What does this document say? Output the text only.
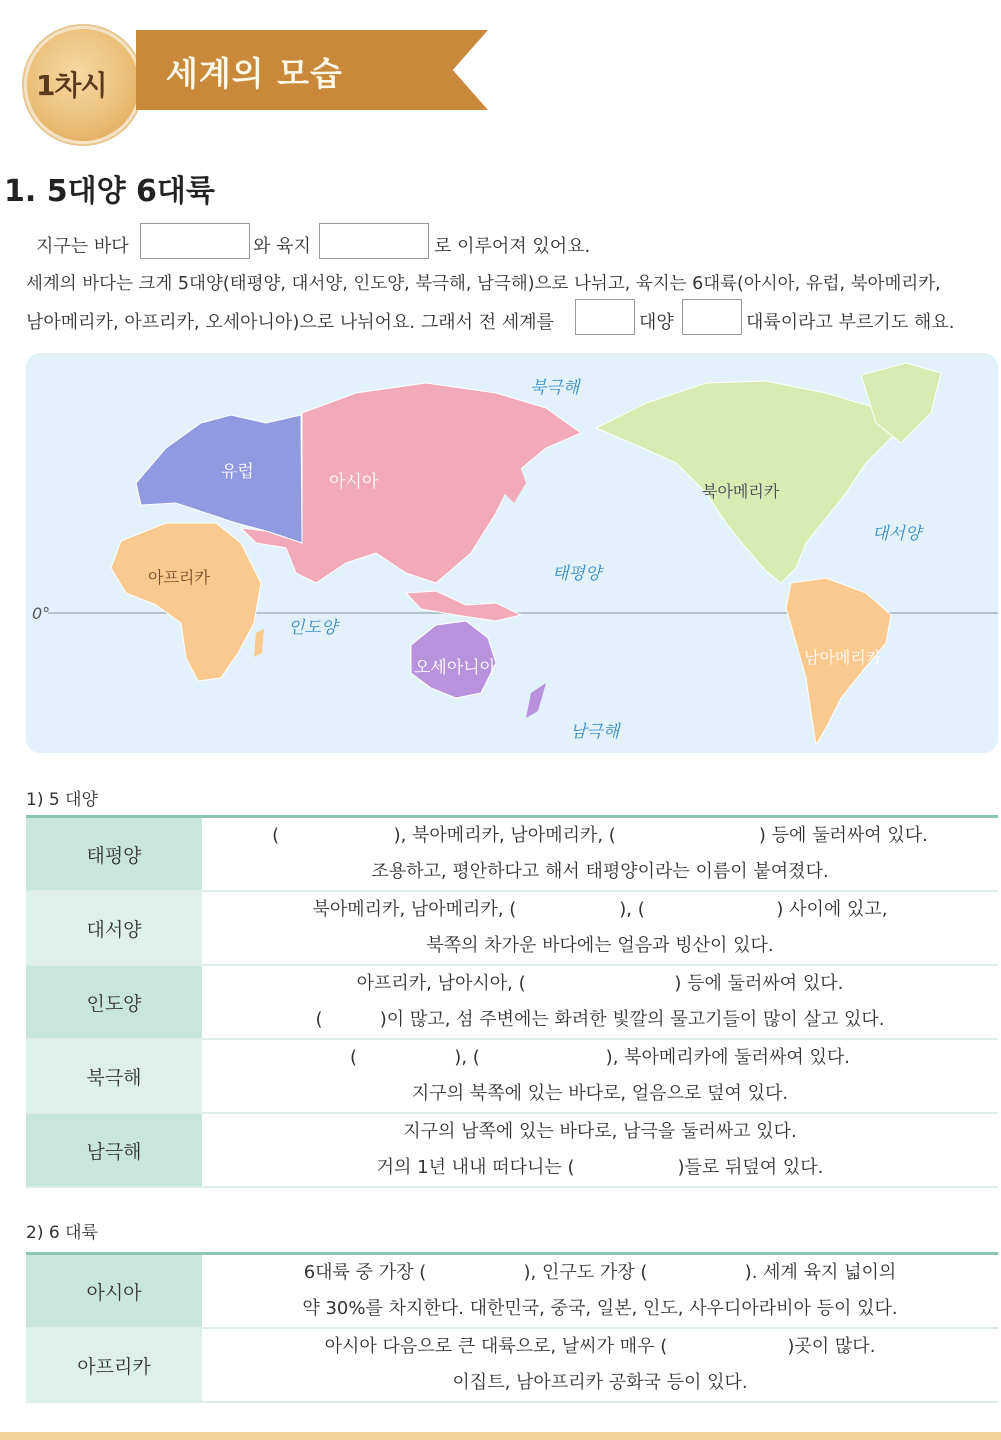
1차시 세계의 모습
1. 5대양 6대륙
지구는 바다	와 육지	로 이루어져 있어요.
세계의 바다는 크게 5대양(태평양, 대서양, 인도양, 북극해, 남극해)으로 나뉘고, 육지는 6대륙(아시아, 유럽, 북아메리카,
남아메리카, 아프리카, 오세아니아)으로 나뉘어요. 그래서 전 세계를	대양	대륙이라고 부르기도 해요.
유럽	아시아	북아메리카
아프리카
남아메리카
오세아니아
북극해
대서양
태평양
인도양
남극해
0°
1) 5 대양
태평양	(                    ), 북아메리카, 남아메리카, (                         ) 등에 둘러싸여 있다.
조용하고, 평안하다고 해서 태평양이라는 이름이 붙여졌다.

대서양	북아메리카, 남아메리카, (                  ), (                       ) 사이에 있고,
북쪽의 차가운 바다에는 얼음과 빙산이 있다.

인도양	아프리카, 남아시아, (                          ) 등에 둘러싸여 있다.
(          )이 많고, 섬 주변에는 화려한 빛깔의 물고기들이 많이 살고 있다.

북극해	(                 ), (                      ), 북아메리카에 둘러싸여 있다.
지구의 북쪽에 있는 바다로, 얼음으로 덮여 있다.

남극해	지구의 남쪽에 있는 바다로, 남극을 둘러싸고 있다.
거의 1년 내내 떠다니는 (                  )들로 뒤덮여 있다.
2) 6 대륙
아시아	6대륙 중 가장 (                 ), 인구도 가장 (                 ). 세계 육지 넓이의
약 30%를 차지한다. 대한민국, 중국, 일본, 인도, 사우디아라비아 등이 있다.

아프리카	아시아 다음으로 큰 대륙으로, 날씨가 매우 (                     )곳이 많다.
이집트, 남아프리카 공화국 등이 있다.
